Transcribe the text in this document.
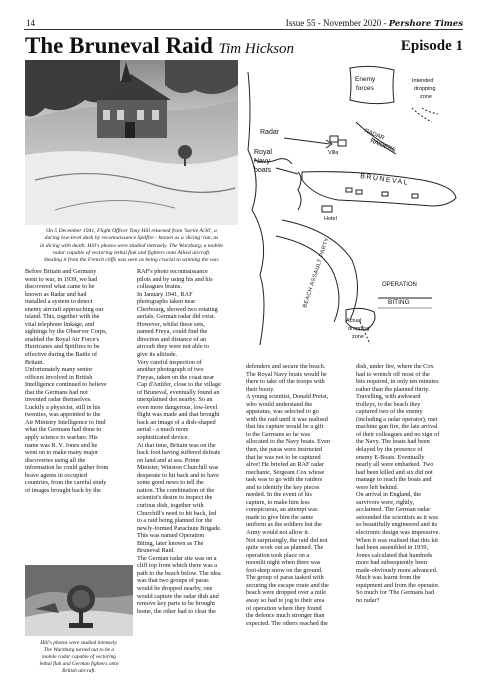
14	Issue 55 - November 2020 - Pershore Times
The Bruneval Raid Tim Hickson	Episode 1
On 5 December 1941, Flight Officer Tony Hill returned from 'Sortie A/30', a
daring low-level dash by reconnaissance Spitfire - known as a 'dicing' run, as
in dicing with death. Hill's photos were studied intensely. The Wurzburg, a mobile
radar capable of vectoring lethal flak and fighters onto Allied aircraft.
Stealing it from the French cliffs was seen as being crucial to winning the war.
Enemy
forces
Intended
dropping
zone
Radar
Villa
RADAR
RAIDERS
Royal
Navy
boats
BRUNEVAL
Hotel
BEACH ASSAULT PARTY	OPERATION
BITING
Actual
dropping
zone

Before Britain and Germany

went to war, in 1939, we had

discovered what came to be

known as Radar and had

installed a system to detect

enemy aircraft approaching our

island. This, together with the

vital telephone linkage, and

sightings by the Observer Corps,

enabled the Royal Air Force's

Hurricanes and Spitfires to be

effective during the Battle of

Britain.

Unfortunately many senior

officers involved in British

Intelligence continued to believe

that the Germans had not

invented radar themselves.

Luckily a physicist, still in his

twenties, was appointed to the

Air Ministry Intelligence to find

what the Germans had done to

apply science to warfare. His

name was R. V. Jones and he

went on to make many major

discoveries using all the

information he could gather from

brave agents in occupied

countries, from the careful study

of images brought back by the

Hill's photos were studied intensely.
The Wurzburg turned out to be a
mobile radar capable of vectoring
lethal flak and German fighters onto
British aircraft.

RAF's photo reconnaissance

pilots and by using his and his

colleagues brains.

In January 1941, RAF

photographs taken near

Cherbourg, showed two rotating

aerials. German radar did exist.

However, whilst these sets,

named Freya, could find the

direction and distance of an

aircraft they were not able to

give its altitude.

Very careful inspection of

another photograph of two

Freyas, taken on the coast near

Cap d'Antifer, close to the village

of Bruneval, eventually found an

unexplained dot nearby. So an

even more dangerous, low-level

flight was made and that brought

back an image of a dish-shaped

aerial - a much more

sophisticated device.

At that time, Britain was on the

back foot having suffered defeats

on land and at sea. Prime

Minister, Winston Churchill was

desperate to hit back and to have

some good news to tell the

nation. The combination of the

scientist's desire to inspect the

curious dish, together with

Churchill's need to hit back, led

to a raid being planned for the

newly-formed Parachute Brigade.

This was named Operation

Biting, later known as The

Bruneval Raid.

The German radar site was on a

cliff top from which there was a

path to the beach below. The idea

was that two groups of paras

would be dropped nearby, one

would capture the radar dish and

remove key parts to be brought

home, the other had to clear the

defenders and secure the beach.

The Royal Navy boats would be

there to take off the troops with

their booty.

A young scientist, Donald Preist,

who would understand the

apparatus, was selected to go

with the raid until it was realised

that his capture would be a gift

to the Germans so he was

allocated to the Navy boats. Even

then, the paras were instructed

that he was not to be captured

alive! He briefed an RAF radar

mechanic, Sergeant Cox whose

task was to go with the raiders

and to identify the key pieces

needed. In the event of his

capture, to make him less

conspicuous, an attempt was

made to give him the same

uniform as the soldiers but the

Army would not allow it.

Not surprisingly, the raid did not

quite work out as planned. The

operation took place on a

moonlit night when there was

foot-deep snow on the ground.

The group of paras tasked with

securing the escape route and the

beach were dropped over a mile

away so had to jog to their area

of operation where they found

the defence much stronger than

expected. The others reached the

dish, under fire, where the Cox

had to wrench off most of the

bits required, in only ten minutes

rather than the planned thirty.

Travelling, with awkward

trolleys, to the beach they

captured two of the enemy

(including a radar operator), met

machine gun fire, the late arrival

of their colleagues and no sign of

the Navy. The boats had been

delayed by the presence of

enemy E-Boats. Eventually

nearly all were embarked. Two

had been killed and six did not

manage to reach the boats and

were left behind.

On arrival in England, the

survivors were, rightly,

acclaimed. The German radar

astounded the scientists as it was

so beautifully engineered and its

electronic design was impressive.

When it was realised that this kit

had been assembled in 1939,

Jones calculated that hundreds

more had subsequently been

made-obviously more advanced.

Much was learnt from the

equipment and from the operator.

So much for 'The Germans had

no radar'!
